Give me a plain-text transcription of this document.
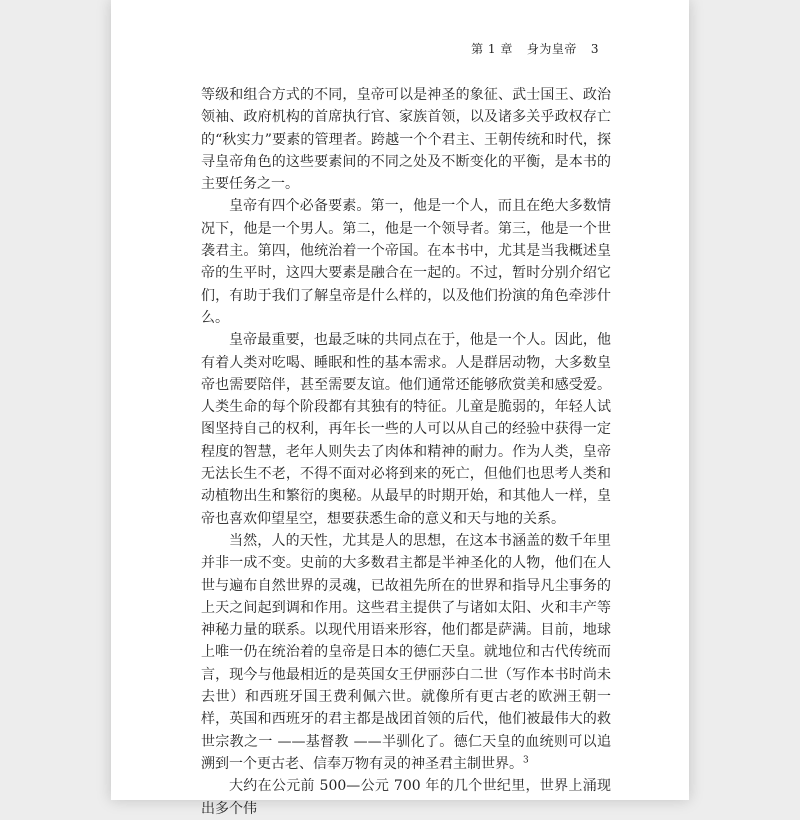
第 1 章 身为皇帝 3

等级和组合方式的不同，皇帝可以是神圣的象征、武士国王、政治领袖、政府机构的首席执行官、家族首领，以及诸多关乎政权存亡的“秋实力”要素的管理者。跨越一个个君主、王朝传统和时代，探寻皇帝角色的这些要素间的不同之处及不断变化的平衡，是本书的主要任务之一。

皇帝有四个必备要素。第一，他是一个人，而且在绝大多数情况下，他是一个男人。第二，他是一个领导者。第三，他是一个世袭君主。第四，他统治着一个帝国。在本书中，尤其是当我概述皇帝的生平时，这四大要素是融合在一起的。不过，暂时分别介绍它们，有助于我们了解皇帝是什么样的，以及他们扮演的角色牵涉什么。

皇帝最重要，也最乏味的共同点在于，他是一个人。因此，他有着人类对吃喝、睡眠和性的基本需求。人是群居动物，大多数皇帝也需要陪伴，甚至需要友谊。他们通常还能够欣赏美和感受爱。人类生命的每个阶段都有其独有的特征。儿童是脆弱的，年轻人试图坚持自己的权利，再年长一些的人可以从自己的经验中获得一定程度的智慧，老年人则失去了肉体和精神的耐力。作为人类，皇帝无法长生不老，不得不面对必将到来的死亡，但他们也思考人类和动植物出生和繁衍的奥秘。从最早的时期开始，和其他人一样，皇帝也喜欢仰望星空，想要获悉生命的意义和天与地的关系。

当然，人的天性，尤其是人的思想，在这本书涵盖的数千年里并非一成不变。史前的大多数君主都是半神圣化的人物，他们在人世与遍布自然世界的灵魂，已故祖先所在的世界和指导凡尘事务的上天之间起到调和作用。这些君主提供了与诸如太阳、火和丰产等神秘力量的联系。以现代用语来形容，他们都是萨满。目前，地球上唯一仍在统治着的皇帝是日本的德仁天皇。就地位和古代传统而言，现今与他最相近的是英国女王伊丽莎白二世（写作本书时尚未去世）和西班牙国王费利佩六世。就像所有更古老的欧洲王朝一样，英国和西班牙的君主都是战团首领的后代，他们被最伟大的救世宗教之一 ——基督教 ——半驯化了。德仁天皇的血统则可以追溯到一个更古老、信奉万物有灵的神圣君主制世界。$^3$

大约在公元前 500—公元 700 年的几个世纪里，世界上涌现出多个伟
